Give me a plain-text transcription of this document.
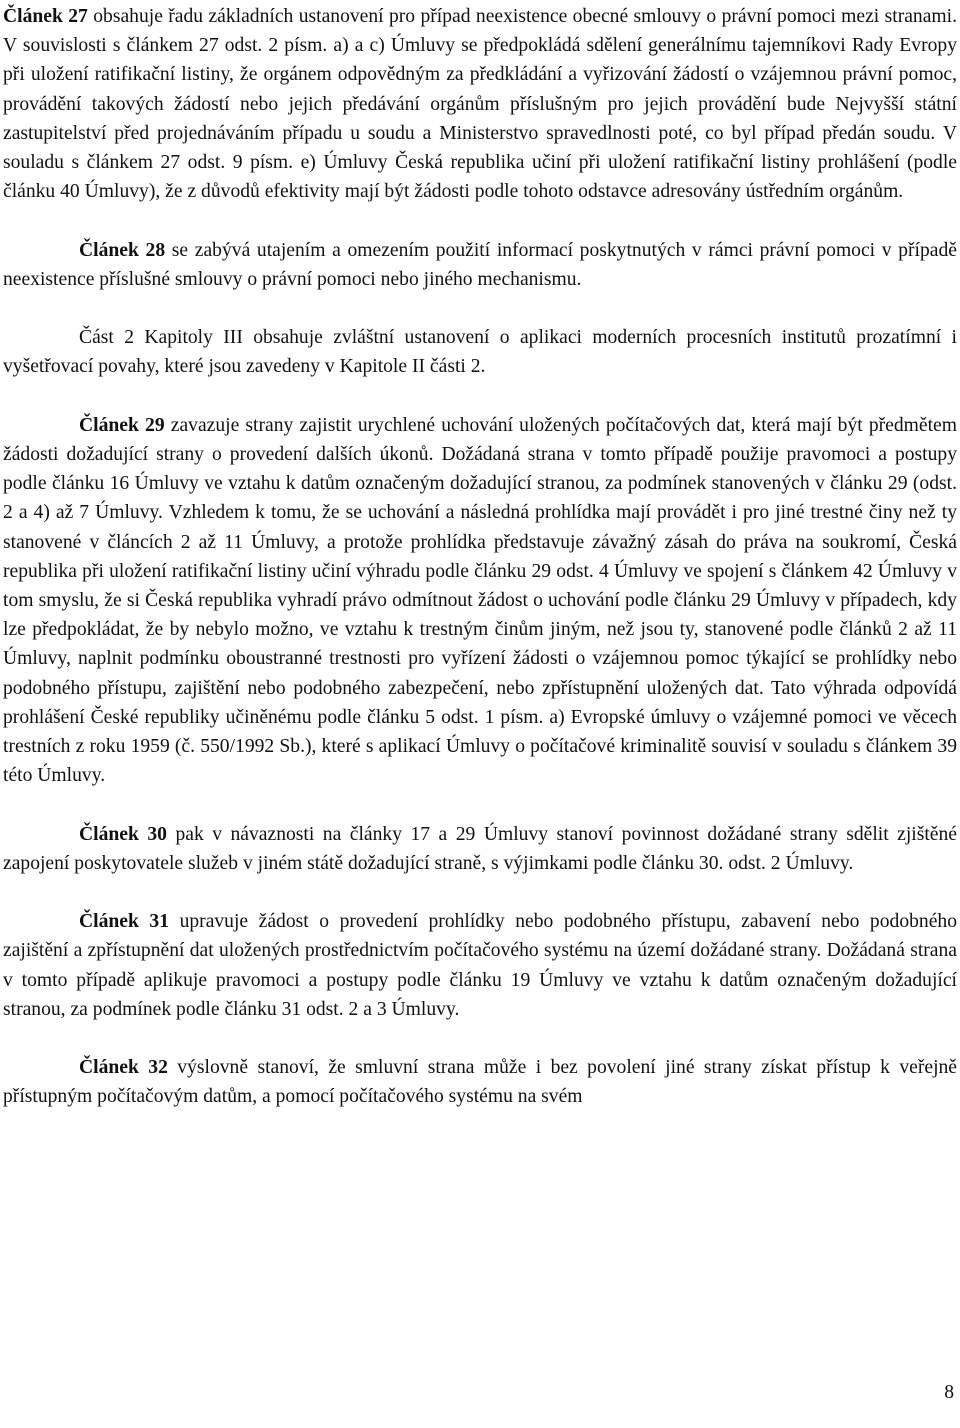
Článek 27 obsahuje řadu základních ustanovení pro případ neexistence obecné smlouvy o právní pomoci mezi stranami. V souvislosti s článkem 27 odst. 2 písm. a) a c) Úmluvy se předpokládá sdělení generálnímu tajemníkovi Rady Evropy při uložení ratifikační listiny, že orgánem odpovědným za předkládání a vyřizování žádostí o vzájemnou právní pomoc, provádění takových žádostí nebo jejich předávání orgánům příslušným pro jejich provádění bude Nejvyšší státní zastupitelství před projednáváním případu u soudu a Ministerstvo spravedlnosti poté, co byl případ předán soudu. V souladu s článkem 27 odst. 9 písm. e) Úmluvy Česká republika učiní při uložení ratifikační listiny prohlášení (podle článku 40 Úmluvy), že z důvodů efektivity mají být žádosti podle tohoto odstavce adresovány ústředním orgánům.

Článek 28 se zabývá utajením a omezením použití informací poskytnutých v rámci právní pomoci v případě neexistence příslušné smlouvy o právní pomoci nebo jiného mechanismu.

Část 2 Kapitoly III obsahuje zvláštní ustanovení o aplikaci moderních procesních institutů prozatímní i vyšetřovací povahy, které jsou zavedeny v Kapitole II části 2.

Článek 29 zavazuje strany zajistit urychlené uchování uložených počítačových dat, která mají být předmětem žádosti dožadující strany o provedení dalších úkonů. Dožádaná strana v tomto případě použije pravomoci a postupy podle článku 16 Úmluvy ve vztahu k datům označeným dožadující stranou, za podmínek stanovených v článku 29 (odst. 2 a 4) až 7 Úmluvy. Vzhledem k tomu, že se uchování a následná prohlídka mají provádět i pro jiné trestné činy než ty stanovené v článcích 2 až 11 Úmluvy, a protože prohlídka představuje závažný zásah do práva na soukromí, Česká republika při uložení ratifikační listiny učiní výhradu podle článku 29 odst. 4 Úmluvy ve spojení s článkem 42 Úmluvy v tom smyslu, že si Česká republika vyhradí právo odmítnout žádost o uchování podle článku 29 Úmluvy v případech, kdy lze předpokládat, že by nebylo možno, ve vztahu k trestným činům jiným, než jsou ty, stanovené podle článků 2 až 11 Úmluvy, naplnit podmínku oboustranné trestnosti pro vyřízení žádosti o vzájemnou pomoc týkající se prohlídky nebo podobného přístupu, zajištění nebo podobného zabezpečení, nebo zpřístupnění uložených dat. Tato výhrada odpovídá prohlášení České republiky učiněnému podle článku 5 odst. 1 písm. a) Evropské úmluvy o vzájemné pomoci ve věcech trestních z roku 1959 (č. 550/1992 Sb.), které s aplikací Úmluvy o počítačové kriminalitě souvisí v souladu s článkem 39 této Úmluvy.

Článek 30 pak v návaznosti na články 17 a 29 Úmluvy stanoví povinnost dožádané strany sdělit zjištěné zapojení poskytovatele služeb v jiném státě dožadující straně, s výjimkami podle článku 30. odst. 2 Úmluvy.

Článek 31 upravuje žádost o provedení prohlídky nebo podobného přístupu, zabavení nebo podobného zajištění a zpřístupnění dat uložených prostřednictvím počítačového systému na území dožádané strany. Dožádaná strana v tomto případě aplikuje pravomoci a postupy podle článku 19 Úmluvy ve vztahu k datům označeným dožadující stranou, za podmínek podle článku 31 odst. 2 a 3 Úmluvy.

Článek 32 výslovně stanoví, že smluvní strana může i bez povolení jiné strany získat přístup k veřejně přístupným počítačovým datům, a pomocí počítačového systému na svém

8
